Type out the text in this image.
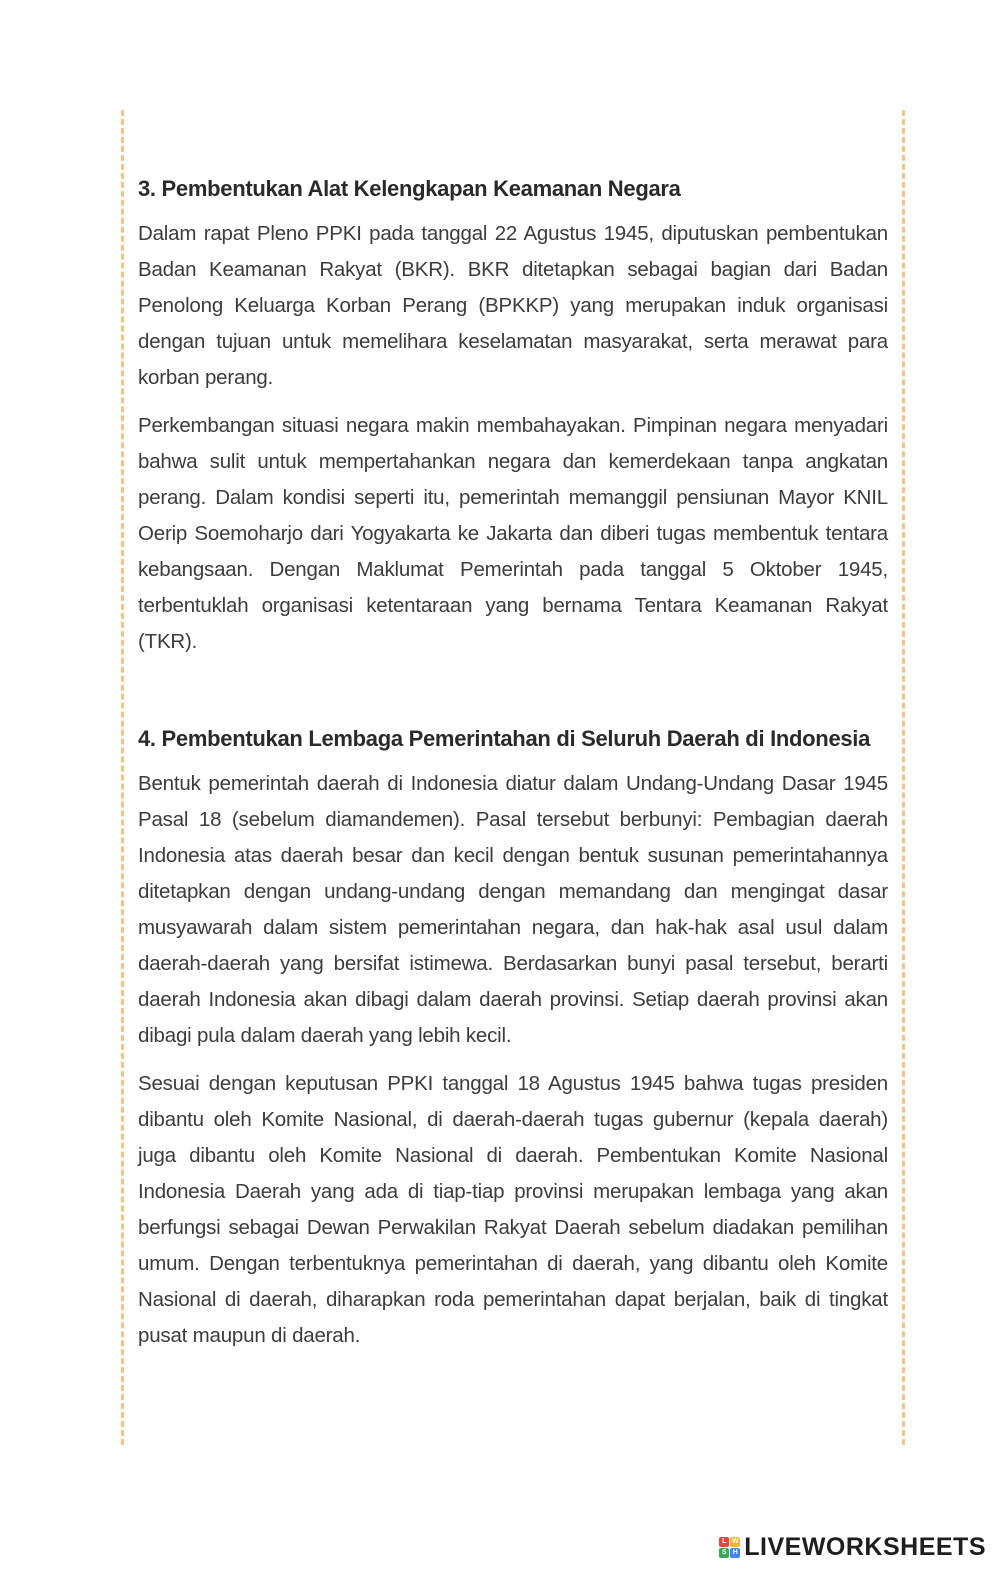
3. Pembentukan Alat Kelengkapan Keamanan Negara

Dalam rapat Pleno PPKI pada tanggal 22 Agustus 1945, diputuskan pembentukan Badan Keamanan Rakyat (BKR). BKR ditetapkan sebagai bagian dari Badan Penolong Keluarga Korban Perang (BPKKP) yang merupakan induk organisasi dengan tujuan untuk memelihara keselamatan masyarakat, serta merawat para korban perang.

Perkembangan situasi negara makin membahayakan. Pimpinan negara menyadari bahwa sulit untuk mempertahankan negara dan kemerdekaan tanpa angkatan perang. Dalam kondisi seperti itu, pemerintah memanggil pensiunan Mayor KNIL Oerip Soemoharjo dari Yogyakarta ke Jakarta dan diberi tugas membentuk tentara kebangsaan. Dengan Maklumat Pemerintah pada tanggal 5 Oktober 1945, terbentuklah organisasi ketentaraan yang bernama Tentara Keamanan Rakyat (TKR).

4. Pembentukan Lembaga Pemerintahan di Seluruh Daerah di Indonesia

Bentuk pemerintah daerah di Indonesia diatur dalam Undang-Undang Dasar 1945 Pasal 18 (sebelum diamandemen). Pasal tersebut berbunyi: Pembagian daerah Indonesia atas daerah besar dan kecil dengan bentuk susunan pemerintahannya ditetapkan dengan undang-undang dengan memandang dan mengingat dasar musyawarah dalam sistem pemerintahan negara, dan hak-hak asal usul dalam daerah-daerah yang bersifat istimewa. Berdasarkan bunyi pasal tersebut, berarti daerah Indonesia akan dibagi dalam daerah provinsi. Setiap daerah provinsi akan dibagi pula dalam daerah yang lebih kecil.

Sesuai dengan keputusan PPKI tanggal 18 Agustus 1945 bahwa tugas presiden dibantu oleh Komite Nasional, di daerah-daerah tugas gubernur (kepala daerah) juga dibantu oleh Komite Nasional di daerah. Pembentukan Komite Nasional Indonesia Daerah yang ada di tiap-tiap provinsi merupakan lembaga yang akan berfungsi sebagai Dewan Perwakilan Rakyat Daerah sebelum diadakan pemilihan umum. Dengan terbentuknya pemerintahan di daerah, yang dibantu oleh Komite Nasional di daerah, diharapkan roda pemerintahan dapat berjalan, baik di tingkat pusat maupun di daerah.

L W
S H LIVEWORKSHEETS
